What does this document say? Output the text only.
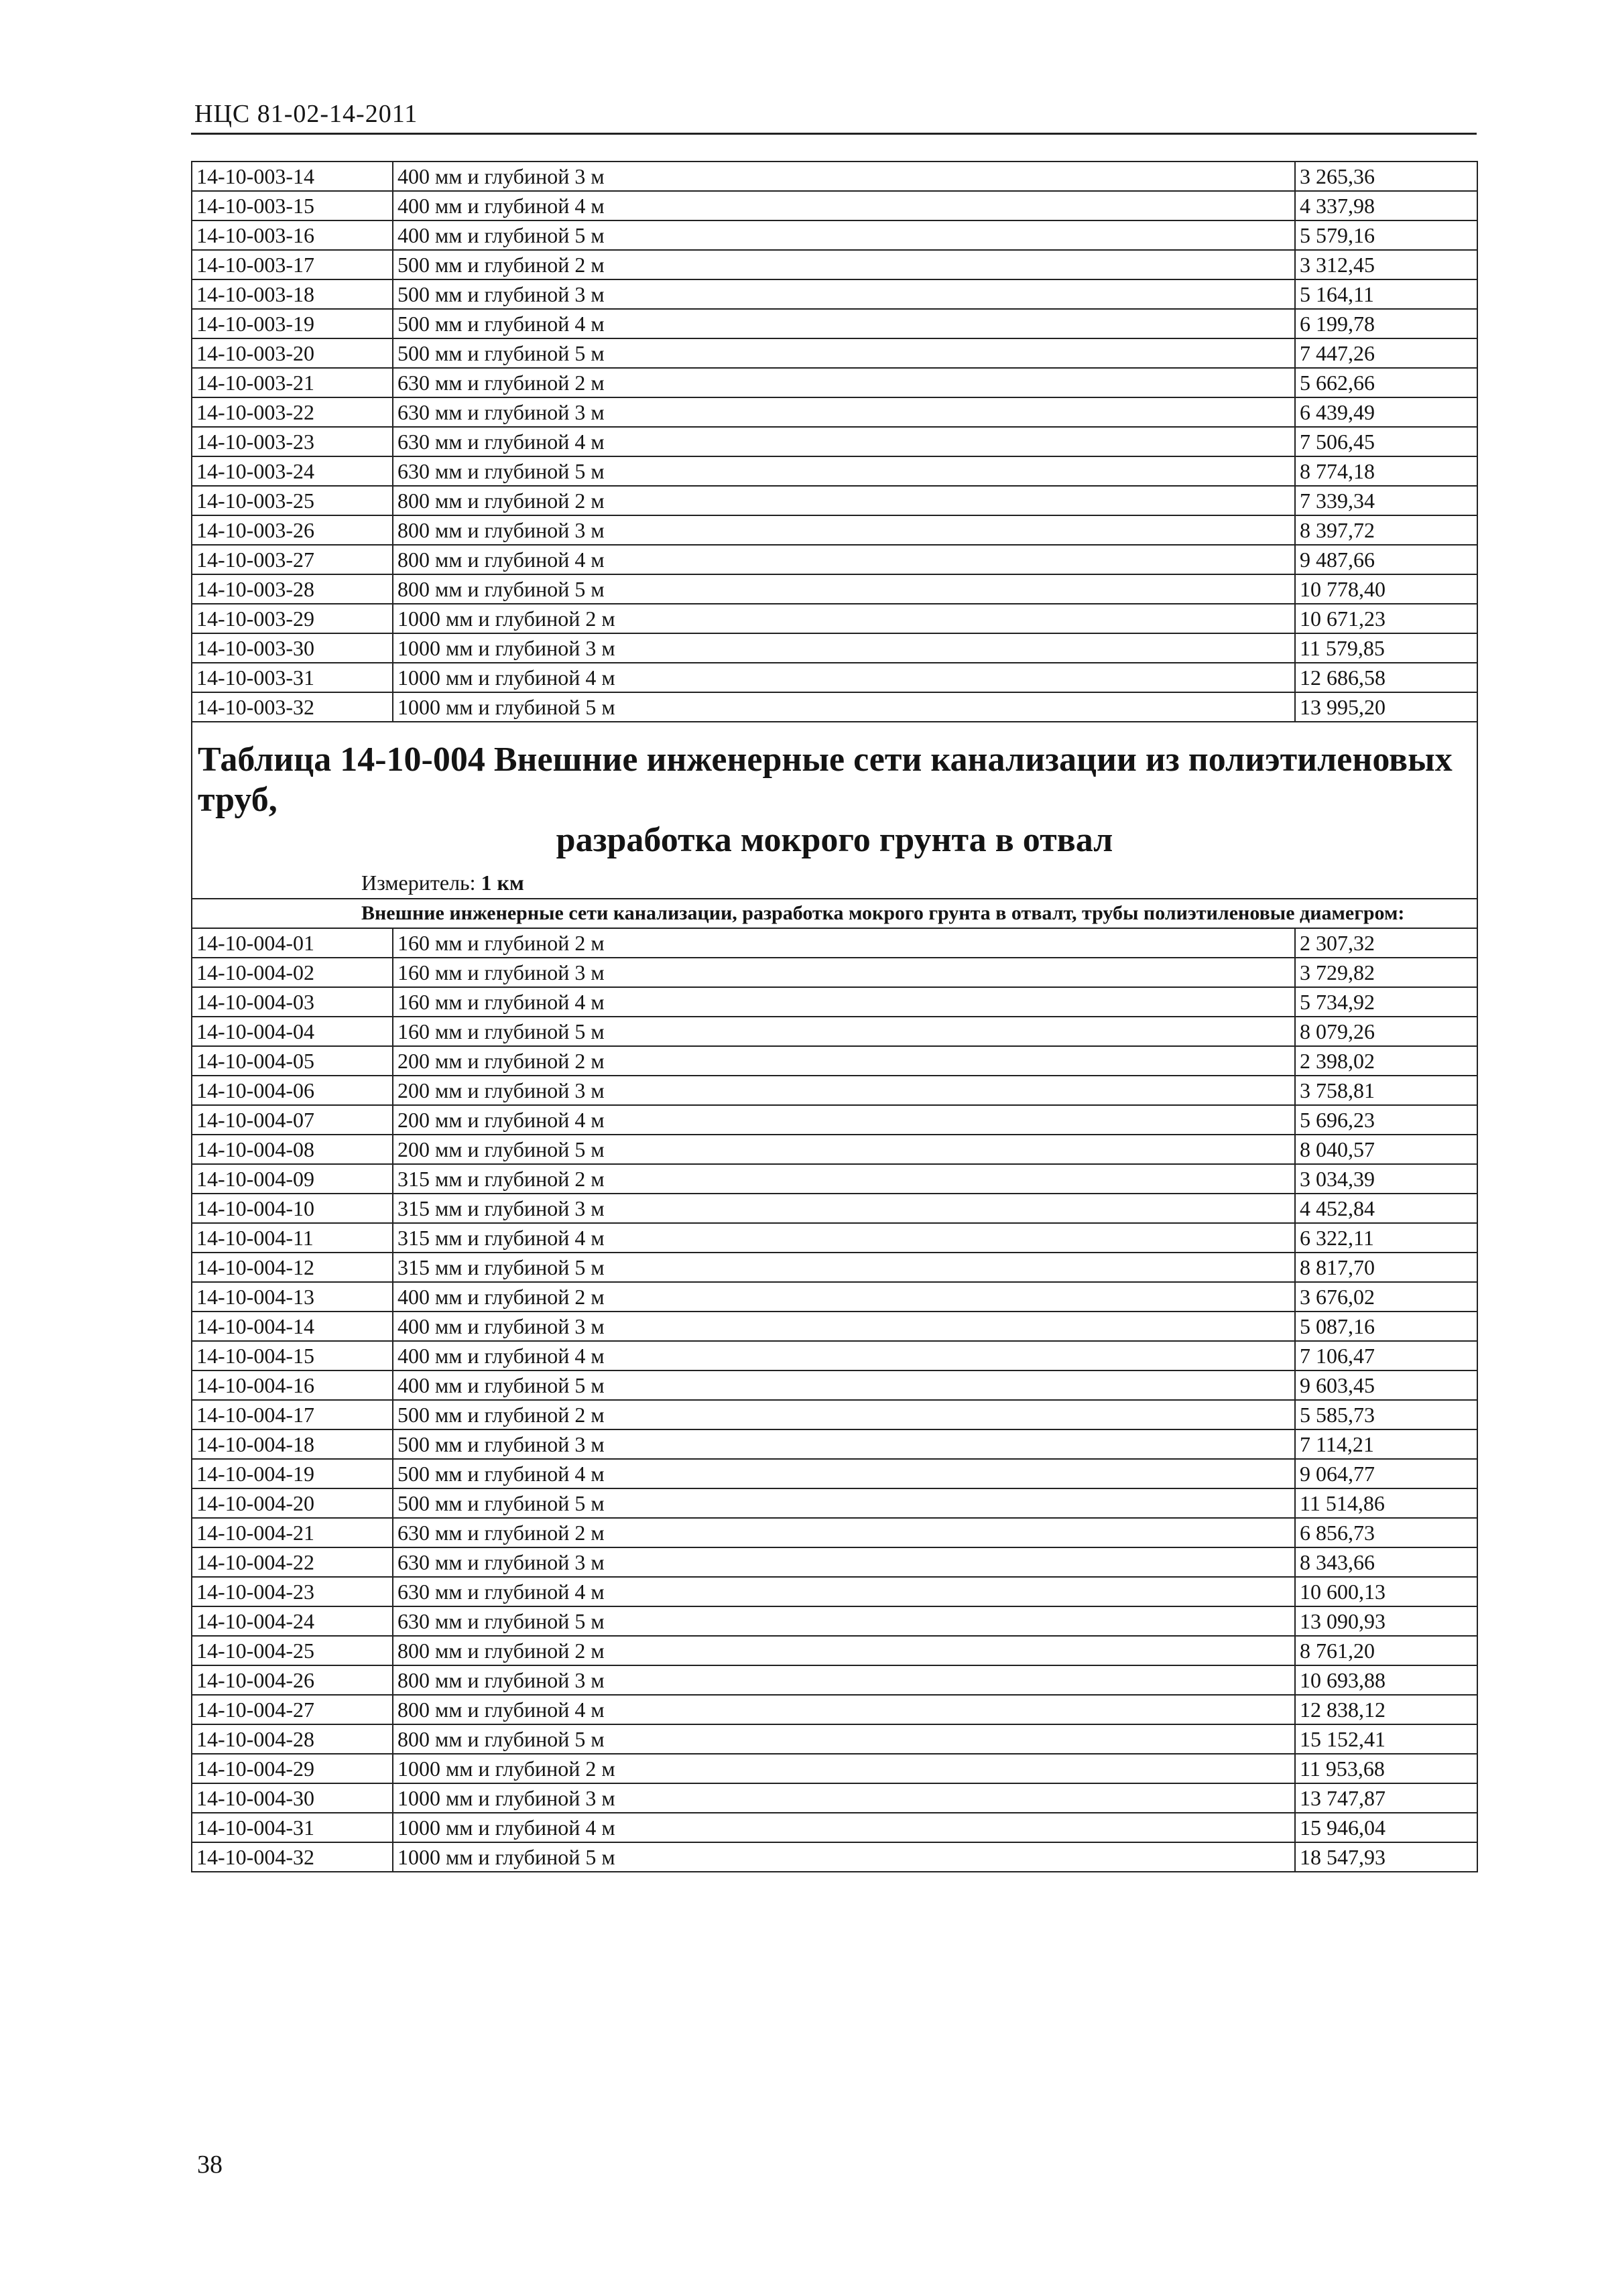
НЦС 81-02-14-2011
14-10-003-14	400 мм и глубиной 3 м	3 265,36
14-10-003-15	400 мм и глубиной 4 м	4 337,98
14-10-003-16	400 мм и глубиной 5 м	5 579,16
14-10-003-17	500 мм и глубиной 2 м	3 312,45
14-10-003-18	500 мм и глубиной 3 м	5 164,11
14-10-003-19	500 мм и глубиной 4 м	6 199,78
14-10-003-20	500 мм и глубиной 5 м	7 447,26
14-10-003-21	630 мм и глубиной 2 м	5 662,66
14-10-003-22	630 мм и глубиной 3 м	6 439,49
14-10-003-23	630 мм и глубиной 4 м	7 506,45
14-10-003-24	630 мм и глубиной 5 м	8 774,18
14-10-003-25	800 мм и глубиной 2 м	7 339,34
14-10-003-26	800 мм и глубиной 3 м	8 397,72
14-10-003-27	800 мм и глубиной 4 м	9 487,66
14-10-003-28	800 мм и глубиной 5 м	10 778,40
14-10-003-29	1000 мм и глубиной 2 м	10 671,23
14-10-003-30	1000 мм и глубиной 3 м	11 579,85
14-10-003-31	1000 мм и глубиной 4 м	12 686,58
14-10-003-32	1000 мм и глубиной 5 м	13 995,20

Таблица 14-10-004 Внешние инженерные сети канализации из полиэтиленовых труб,
разработка мокрого грунта в отвал		

Измеритель: 1 км		
Внешние инженерные сети канализации, разработка мокрого грунта в отвалт, трубы полиэтиленовые диамегром:		
14-10-004-01	160 мм и глубиной 2 м	2 307,32
14-10-004-02	160 мм и глубиной 3 м	3 729,82
14-10-004-03	160 мм и глубиной 4 м	5 734,92
14-10-004-04	160 мм и глубиной 5 м	8 079,26
14-10-004-05	200 мм и глубиной 2 м	2 398,02
14-10-004-06	200 мм и глубиной 3 м	3 758,81
14-10-004-07	200 мм и глубиной 4 м	5 696,23
14-10-004-08	200 мм и глубиной 5 м	8 040,57
14-10-004-09	315 мм и глубиной 2 м	3 034,39
14-10-004-10	315 мм и глубиной 3 м	4 452,84
14-10-004-11	315 мм и глубиной 4 м	6 322,11
14-10-004-12	315 мм и глубиной 5 м	8 817,70
14-10-004-13	400 мм и глубиной 2 м	3 676,02
14-10-004-14	400 мм и глубиной 3 м	5 087,16
14-10-004-15	400 мм и глубиной 4 м	7 106,47
14-10-004-16	400 мм и глубиной 5 м	9 603,45
14-10-004-17	500 мм и глубиной 2 м	5 585,73
14-10-004-18	500 мм и глубиной 3 м	7 114,21
14-10-004-19	500 мм и глубиной 4 м	9 064,77
14-10-004-20	500 мм и глубиной 5 м	11 514,86
14-10-004-21	630 мм и глубиной 2 м	6 856,73
14-10-004-22	630 мм и глубиной 3 м	8 343,66
14-10-004-23	630 мм и глубиной 4 м	10 600,13
14-10-004-24	630 мм и глубиной 5 м	13 090,93
14-10-004-25	800 мм и глубиной 2 м	8 761,20
14-10-004-26	800 мм и глубиной 3 м	10 693,88
14-10-004-27	800 мм и глубиной 4 м	12 838,12
14-10-004-28	800 мм и глубиной 5 м	15 152,41
14-10-004-29	1000 мм и глубиной 2 м	11 953,68
14-10-004-30	1000 мм и глубиной 3 м	13 747,87
14-10-004-31	1000 мм и глубиной 4 м	15 946,04
14-10-004-32	1000 мм и глубиной 5 м	18 547,93
38
